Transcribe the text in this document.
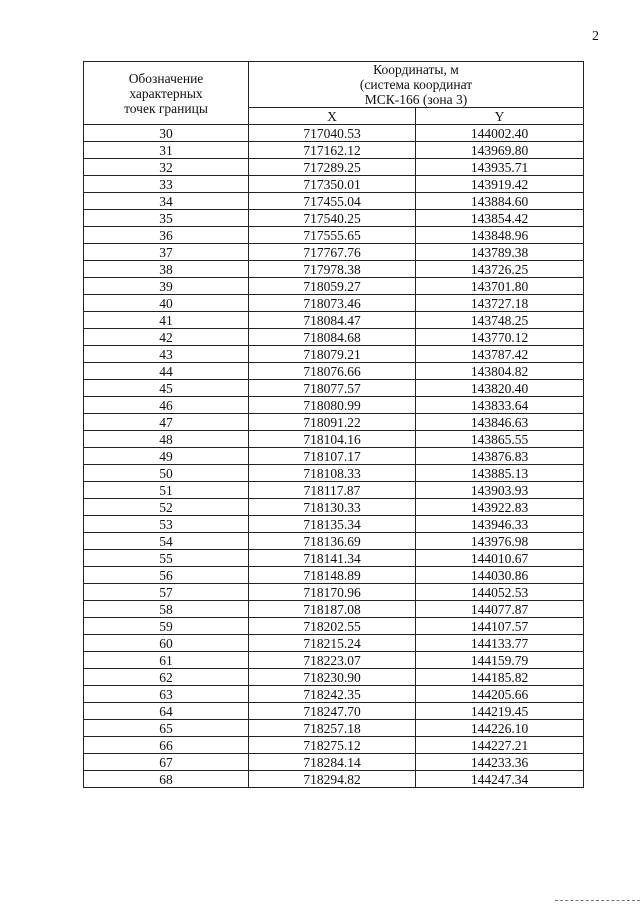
2
Обозначение
характерных
точек границы	Координаты, м
(система координат
МСК-166 (зона 3)	

	X	Y
30	717040.53	144002.40
31	717162.12	143969.80
32	717289.25	143935.71
33	717350.01	143919.42
34	717455.04	143884.60
35	717540.25	143854.42
36	717555.65	143848.96
37	717767.76	143789.38
38	717978.38	143726.25
39	718059.27	143701.80
40	718073.46	143727.18
41	718084.47	143748.25
42	718084.68	143770.12
43	718079.21	143787.42
44	718076.66	143804.82
45	718077.57	143820.40
46	718080.99	143833.64
47	718091.22	143846.63
48	718104.16	143865.55
49	718107.17	143876.83
50	718108.33	143885.13
51	718117.87	143903.93
52	718130.33	143922.83
53	718135.34	143946.33
54	718136.69	143976.98
55	718141.34	144010.67
56	718148.89	144030.86
57	718170.96	144052.53
58	718187.08	144077.87
59	718202.55	144107.57
60	718215.24	144133.77
61	718223.07	144159.79
62	718230.90	144185.82
63	718242.35	144205.66
64	718247.70	144219.45
65	718257.18	144226.10
66	718275.12	144227.21
67	718284.14	144233.36
68	718294.82	144247.34
